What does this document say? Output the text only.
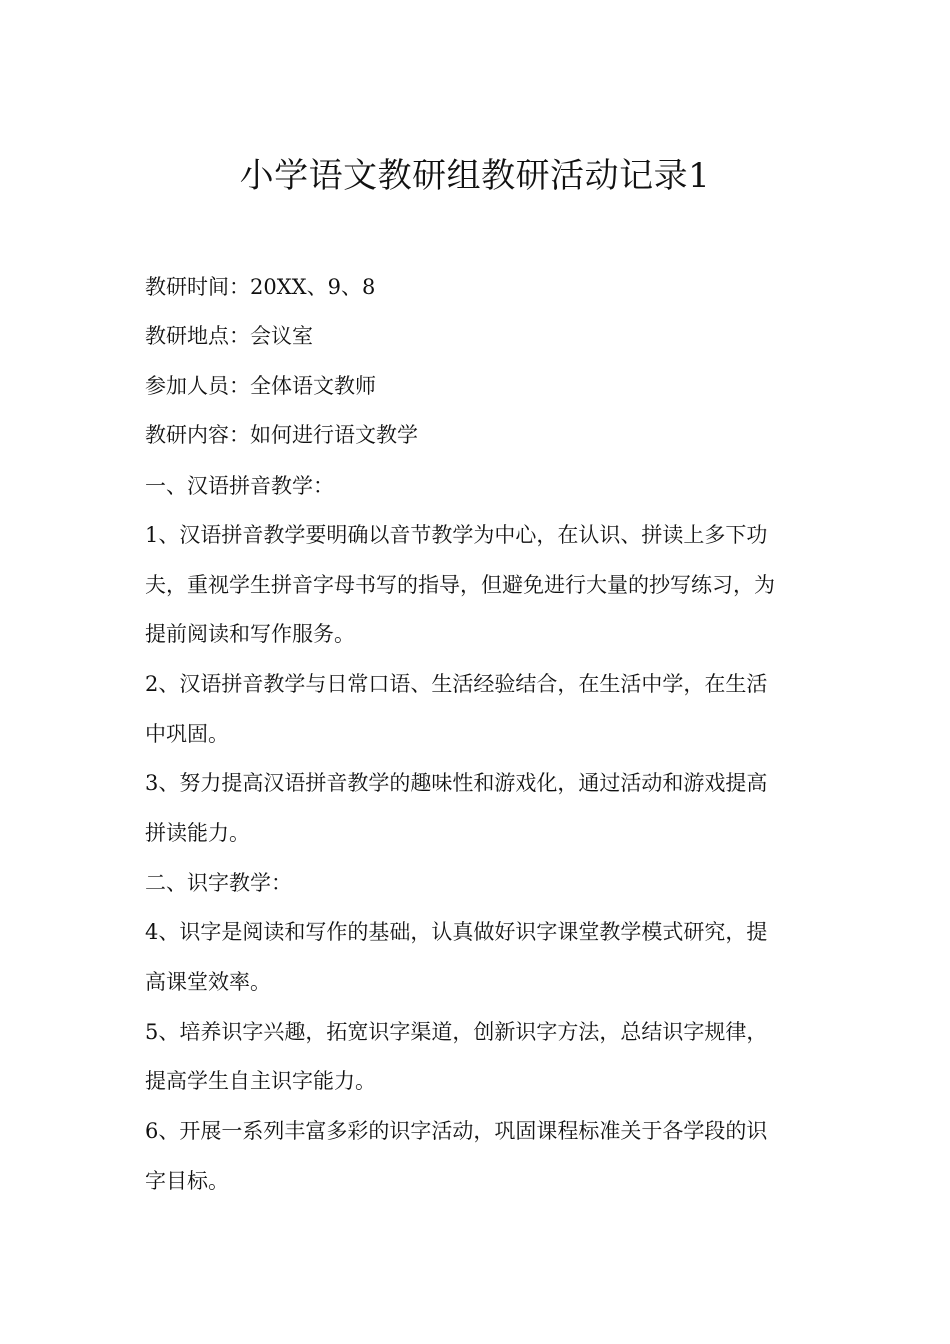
小学语文教研组教研活动记录1
教研时间：20XX、9、8
教研地点：会议室
参加人员：全体语文教师
教研内容：如何进行语文教学
一、汉语拼音教学：
1、汉语拼音教学要明确以音节教学为中心，在认识、拼读上多下功
夫，重视学生拼音字母书写的指导，但避免进行大量的抄写练习，为
提前阅读和写作服务。
2、汉语拼音教学与日常口语、生活经验结合，在生活中学，在生活
中巩固。
3、努力提高汉语拼音教学的趣味性和游戏化，通过活动和游戏提高
拼读能力。
二、识字教学：
4、识字是阅读和写作的基础，认真做好识字课堂教学模式研究，提
高课堂效率。
5、培养识字兴趣，拓宽识字渠道，创新识字方法，总结识字规律，
提高学生自主识字能力。
6、开展一系列丰富多彩的识字活动，巩固课程标准关于各学段的识
字目标。
